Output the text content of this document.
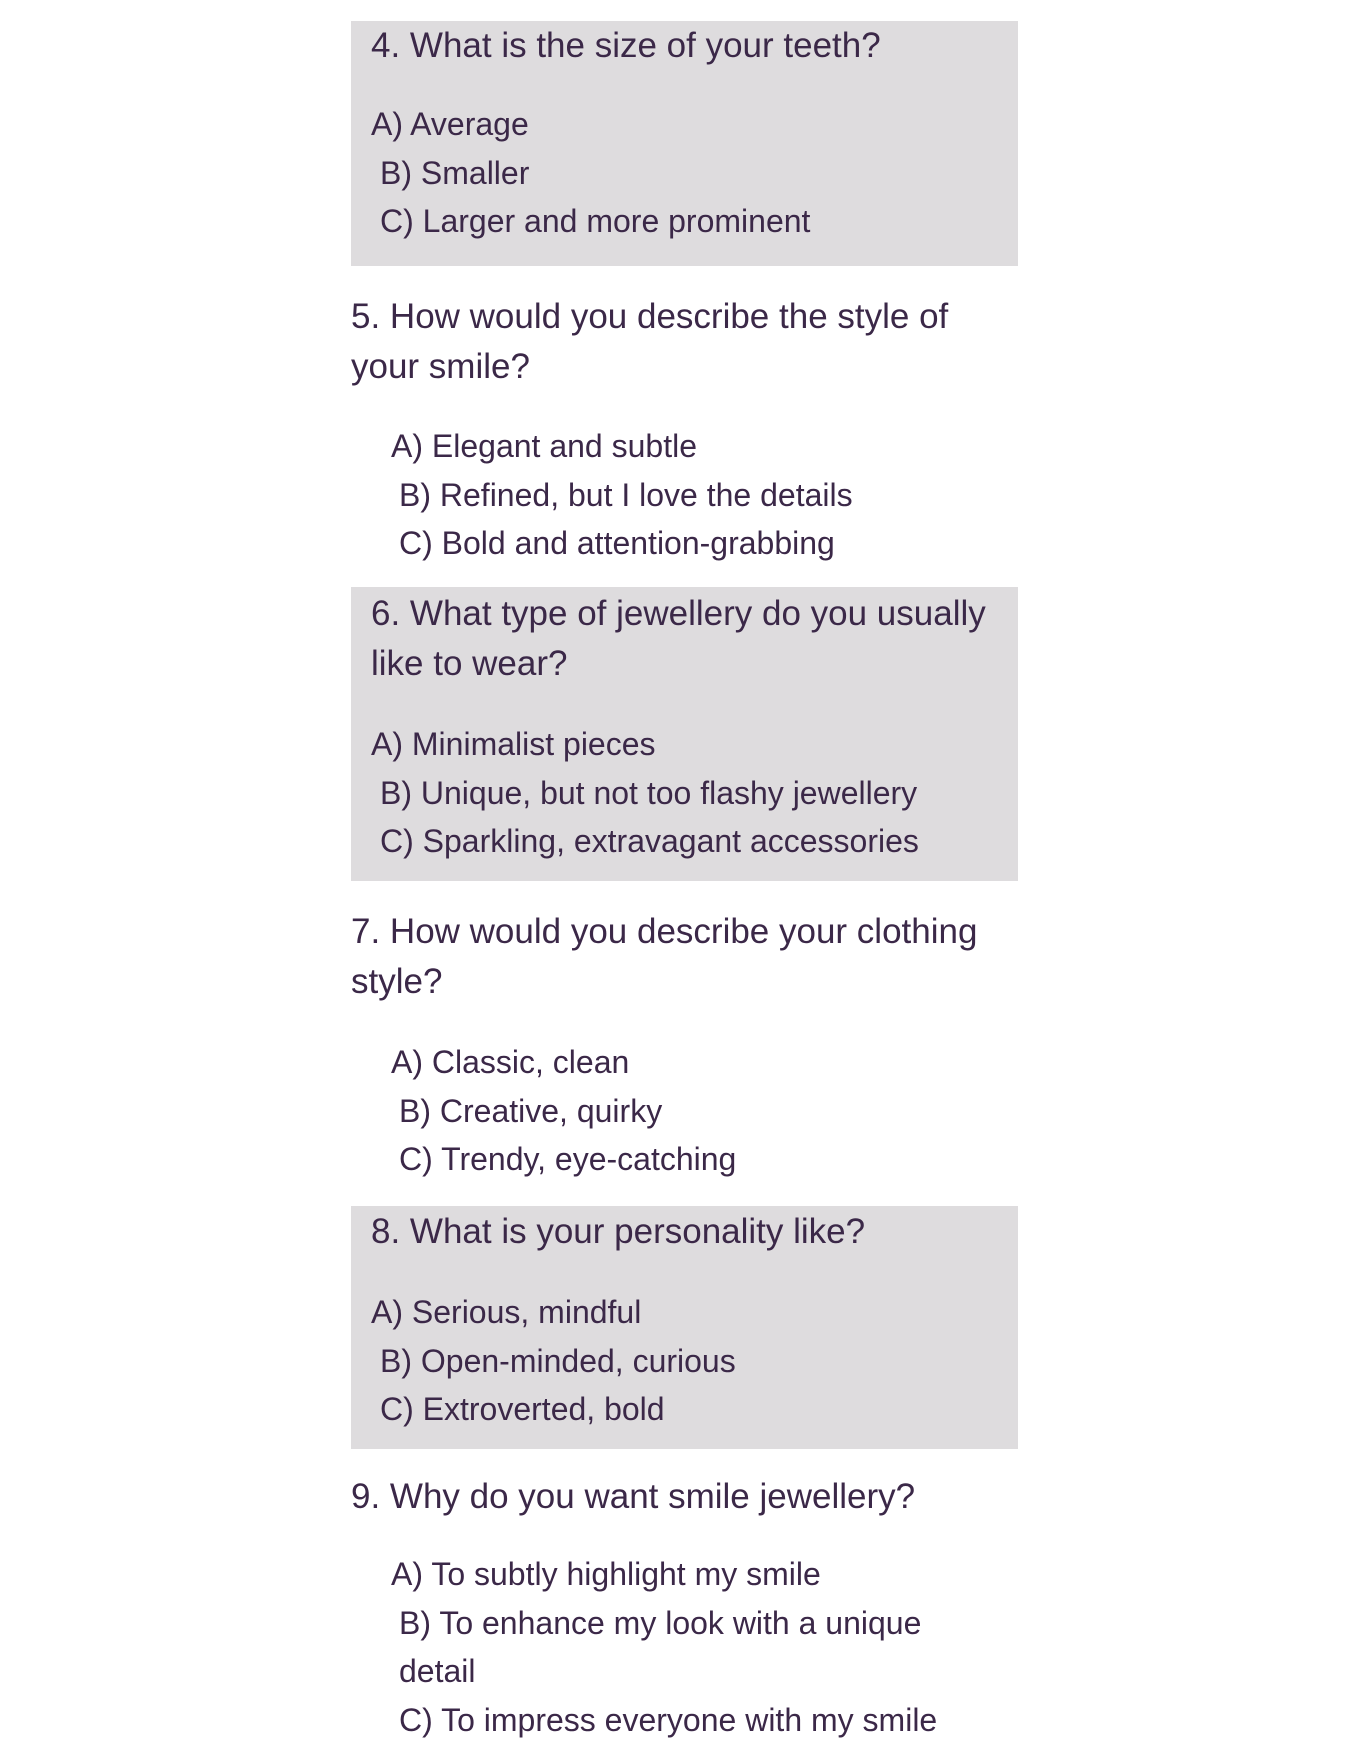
4. What is the size of your teeth?
A) Average
B) Smaller
C) Larger and more prominent
5. How would you describe the style of your smile?
A) Elegant and subtle
B) Refined, but I love the details
C) Bold and attention-grabbing
6. What type of jewellery do you usually like to wear?
A) Minimalist pieces
B) Unique, but not too flashy jewellery
C) Sparkling, extravagant accessories
7. How would you describe your clothing style?
A) Classic, clean
B) Creative, quirky
C) Trendy, eye-catching
8. What is your personality like?
A) Serious, mindful
B) Open-minded, curious
C) Extroverted, bold
9. Why do you want smile jewellery?
A) To subtly highlight my smile
B) To enhance my look with a unique detail
C) To impress everyone with my smile
